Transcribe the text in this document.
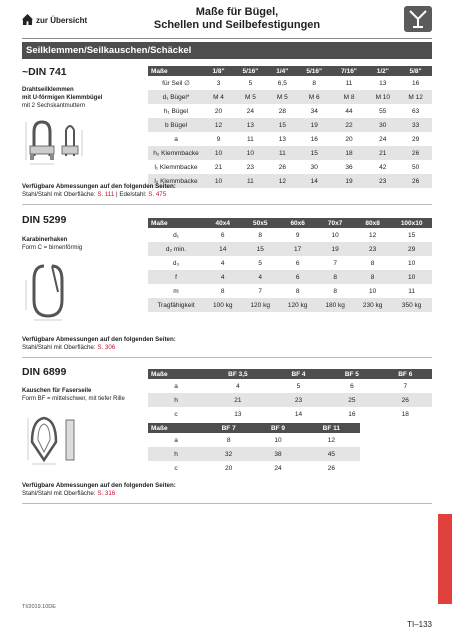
zur Übersicht
Maße für Bügel,
Schellen und Seilbefestigungen
Seilklemmen/Seilkauschen/Schäckel
~DIN 741
Drahtseilklemmen
mit U-förmigen Klemmbügel
mit 2 Sechskantmuttern
Maße	1/8"	5/16"	1/4"	5/16"	7/16"	1/2"	5/8"
für Seil ∅	3	5	6,5	8	11	13	16
d₁ Bügel*	M 4	M 5	M 5	M 6	M 8	M 10	M 12
h₁ Bügel	20	24	28	34	44	55	63
b Bügel	12	13	15	19	22	30	33
a	9	11	13	16	20	24	29
h₂ Klemmbacke	10	10	11	15	18	21	26
l₁ Klemmbacke	21	23	26	30	36	42	50
l₂ Klemmbacke	10	11	12	14	19	23	26
Verfügbare Abmessungen auf den folgenden Seiten:
Stahl/Stahl mit Oberfläche: S. 111 | Edelstahl: S. 475
DIN 5299
Karabinerhaken
Form C = birnenförmig
Maße	40x4	50x5	60x6	70x7	80x8	100x10
d₁	6	8	9	10	12	15
d₂ min.	14	15	17	19	23	29
d₃	4	5	6	7	8	10
f	4	4	6	8	8	10
m	8	7	8	8	10	11
Tragfähigkeit	100 kg	120 kg	120 kg	180 kg	230 kg	350 kg
Verfügbare Abmessungen auf den folgenden Seiten:
Stahl/Stahl mit Oberfläche: S. 306
DIN 6899
Kauschen für Faserseile
Form BF = mittelschwer, mit tiefer Rille
Maße	BF 3,5	BF 4	BF 5	BF 6
a	4	5	6	7
h	21	23	25	26
c	13	14	16	18
Maße	BF 7	BF 9	BF 11
a	8	10	12
h	32	38	45
c	20	24	26
Verfügbare Abmessungen auf den folgenden Seiten:
Stahl/Stahl mit Oberfläche: S. 316
TI/2019.10DE
TI–133
